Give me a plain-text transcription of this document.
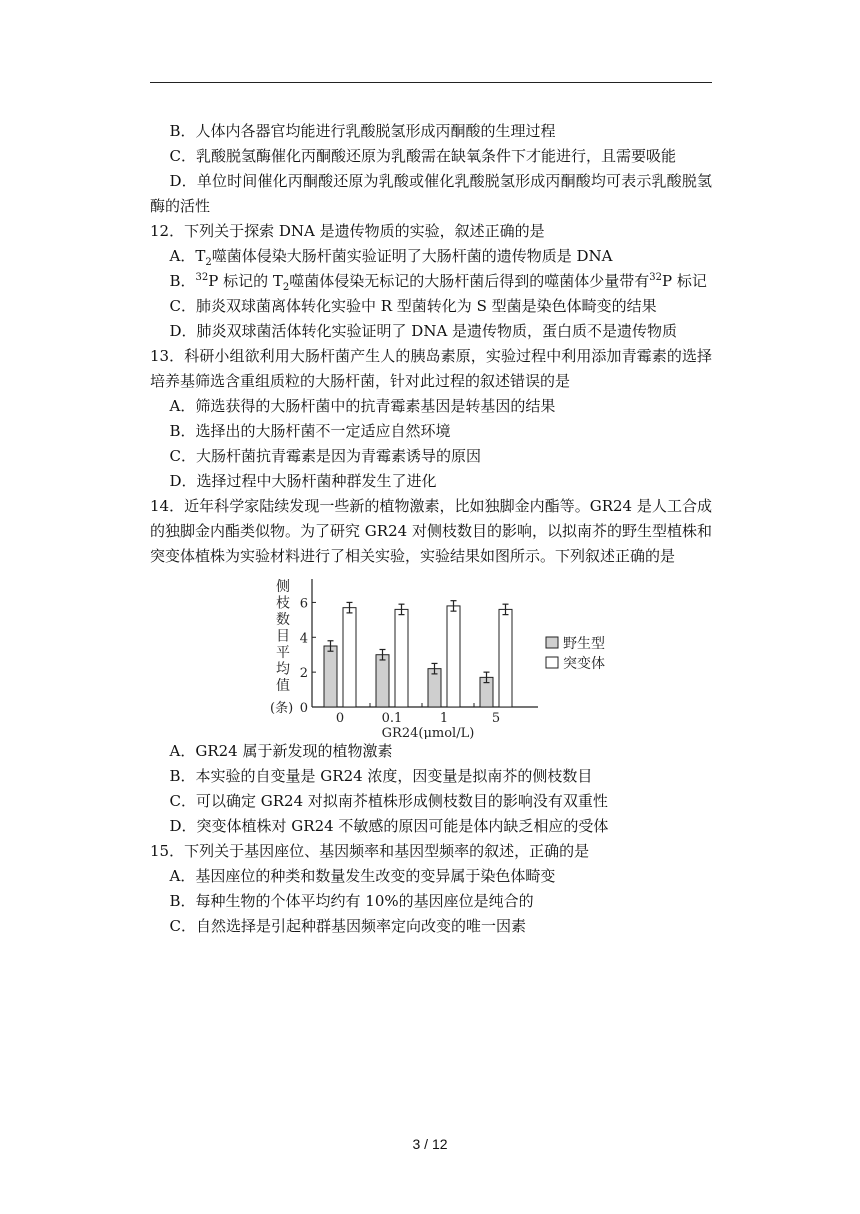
B．人体内各器官均能进行乳酸脱氢形成丙酮酸的生理过程

C．乳酸脱氢酶催化丙酮酸还原为乳酸需在缺氧条件下才能进行，且需要吸能

D．单位时间催化丙酮酸还原为乳酸或催化乳酸脱氢形成丙酮酸均可表示乳酸脱氢酶的活性

12．下列关于探索 DNA 是遗传物质的实验，叙述正确的是

A．$T_2$噬菌体侵染大肠杆菌实验证明了大肠杆菌的遗传物质是 DNA

B．$^{32}$P 标记的 $T_2$噬菌体侵染无标记的大肠杆菌后得到的噬菌体少量带有$^{32}$P 标记

C．肺炎双球菌离体转化实验中 R 型菌转化为 S 型菌是染色体畸变的结果

D．肺炎双球菌活体转化实验证明了 DNA 是遗传物质，蛋白质不是遗传物质

13．科研小组欲利用大肠杆菌产生人的胰岛素原，实验过程中利用添加青霉素的选择培养基筛选含重组质粒的大肠杆菌，针对此过程的叙述错误的是

A．筛选获得的大肠杆菌中的抗青霉素基因是转基因的结果

B．选择出的大肠杆菌不一定适应自然环境

C．大肠杆菌抗青霉素是因为青霉素诱导的原因

D．选择过程中大肠杆菌种群发生了进化

14．近年科学家陆续发现一些新的植物激素，比如独脚金内酯等。GR24 是人工合成的独脚金内酯类似物。为了研究 GR24 对侧枝数目的影响，以拟南芥的野生型植株和突变体植株为实验材料进行了相关实验，实验结果如图所示。下列叙述正确的是

侧
枝
数
目
平
均
值
(条) 0
2
4
6
0	0.1	1	5
GR24(μmol/L)
野生型
突变体

A．GR24 属于新发现的植物激素

B．本实验的自变量是 GR24 浓度，因变量是拟南芥的侧枝数目

C．可以确定 GR24 对拟南芥植株形成侧枝数目的影响没有双重性

D．突变体植株对 GR24 不敏感的原因可能是体内缺乏相应的受体

15．下列关于基因座位、基因频率和基因型频率的叙述，正确的是

A．基因座位的种类和数量发生改变的变异属于染色体畸变

B．每种生物的个体平均约有 10%的基因座位是纯合的

C．自然选择是引起种群基因频率定向改变的唯一因素

3 / 12
